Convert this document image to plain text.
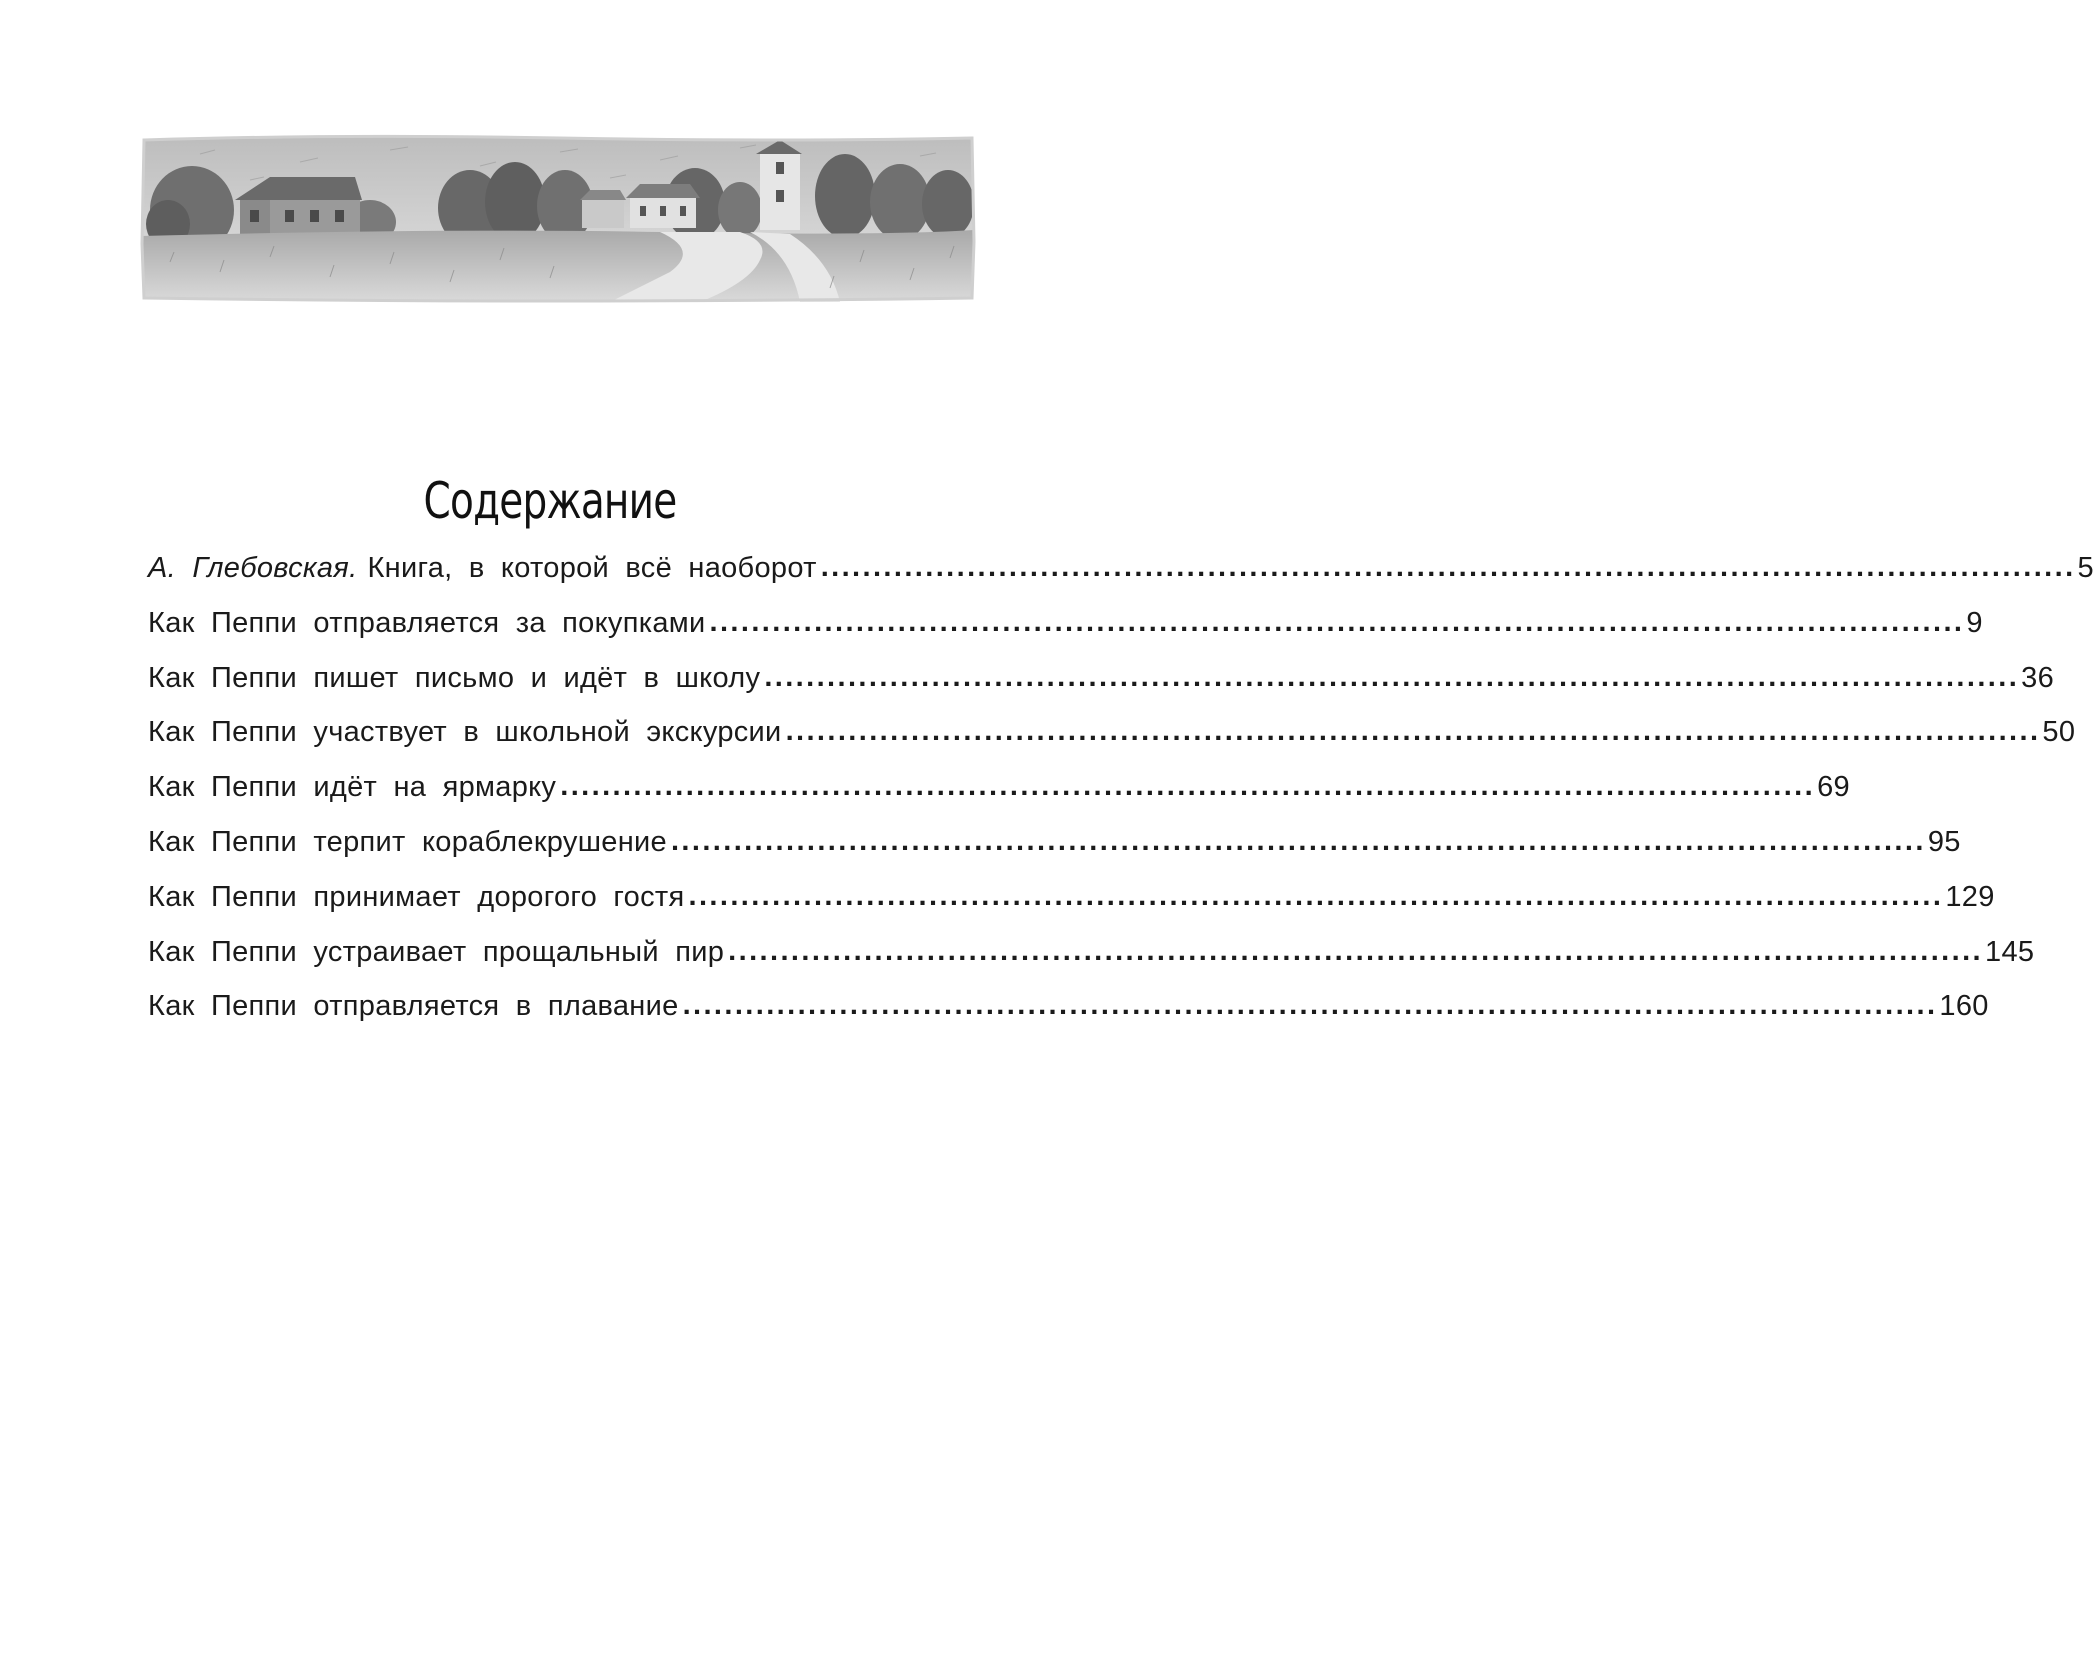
Содержание
А. Глебовская. Книга, в которой всё наоборот ........................................................................................................................ 5
Как Пеппи отправляется за покупками ........................................................................................................................ 9
Как Пеппи пишет письмо и идёт в школу ........................................................................................................................ 36
Как Пеппи участвует в школьной экскурсии ........................................................................................................................ 50
Как Пеппи идёт на ярмарку ........................................................................................................................ 69
Как Пеппи терпит кораблекрушение ........................................................................................................................ 95
Как Пеппи принимает дорогого гостя ........................................................................................................................ 129
Как Пеппи устраивает прощальный пир ........................................................................................................................ 145
Как Пеппи отправляется в плавание ........................................................................................................................ 160
